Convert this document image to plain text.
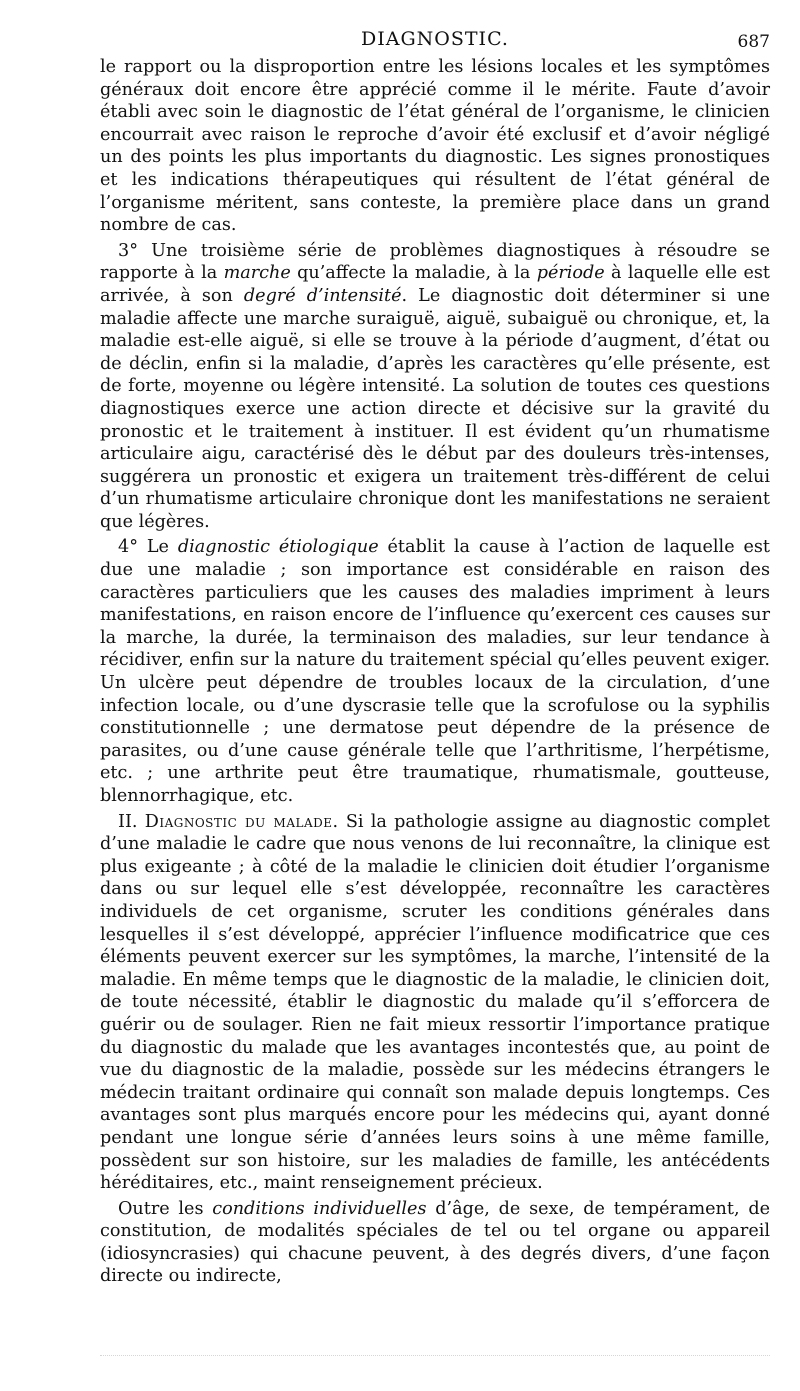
DIAGNOSTIC.	687

le rapport ou la disproportion entre les lésions locales et les symptômes généraux doit encore être apprécié comme il le mérite. Faute d’avoir établi avec soin le diagnostic de l’état général de l’organisme, le clinicien encourrait avec raison le reproche d’avoir été exclusif et d’avoir négligé un des points les plus importants du diagnostic. Les signes pronostiques et les indications thérapeutiques qui résultent de l’état général de l’organisme méritent, sans conteste, la première place dans un grand nombre de cas.

3° Une troisième série de problèmes diagnostiques à résoudre se rapporte à la marche qu’affecte la maladie, à la période à laquelle elle est arrivée, à son degré d’intensité. Le diagnostic doit déterminer si une maladie affecte une marche suraiguë, aiguë, subaiguë ou chronique, et, la maladie est-elle aiguë, si elle se trouve à la période d’augment, d’état ou de déclin, enfin si la maladie, d’après les caractères qu’elle présente, est de forte, moyenne ou légère intensité. La solution de toutes ces questions diagnostiques exerce une action directe et décisive sur la gravité du pronostic et le traitement à instituer. Il est évident qu’un rhumatisme articulaire aigu, caractérisé dès le début par des douleurs très-intenses, suggérera un pronostic et exigera un traitement très-différent de celui d’un rhumatisme articulaire chronique dont les manifestations ne seraient que légères.

4° Le diagnostic étiologique établit la cause à l’action de laquelle est due une maladie ; son importance est considérable en raison des caractères particuliers que les causes des maladies impriment à leurs manifestations, en raison encore de l’influence qu’exercent ces causes sur la marche, la durée, la terminaison des maladies, sur leur tendance à récidiver, enfin sur la nature du traitement spécial qu’elles peuvent exiger. Un ulcère peut dépendre de troubles locaux de la circulation, d’une infection locale, ou d’une dyscrasie telle que la scrofulose ou la syphilis constitutionnelle ; une dermatose peut dépendre de la présence de parasites, ou d’une cause générale telle que l’arthritisme, l’herpétisme, etc. ; une arthrite peut être traumatique, rhumatismale, goutteuse, blennorrhagique, etc.

II. Diagnostic du malade. Si la pathologie assigne au diagnostic complet d’une maladie le cadre que nous venons de lui reconnaître, la clinique est plus exigeante ; à côté de la maladie le clinicien doit étudier l’organisme dans ou sur lequel elle s’est développée, reconnaître les caractères individuels de cet organisme, scruter les conditions générales dans lesquelles il s’est développé, apprécier l’influence modificatrice que ces éléments peuvent exercer sur les symptômes, la marche, l’intensité de la maladie. En même temps que le diagnostic de la maladie, le clinicien doit, de toute nécessité, établir le diagnostic du malade qu’il s’efforcera de guérir ou de soulager. Rien ne fait mieux ressortir l’importance pratique du diagnostic du malade que les avantages incontestés que, au point de vue du diagnostic de la maladie, possède sur les médecins étrangers le médecin traitant ordinaire qui connaît son malade depuis longtemps. Ces avantages sont plus marqués encore pour les médecins qui, ayant donné pendant une longue série d’années leurs soins à une même famille, possèdent sur son histoire, sur les maladies de famille, les antécédents héréditaires, etc., maint renseignement précieux.

Outre les conditions individuelles d’âge, de sexe, de tempérament, de constitution, de modalités spéciales de tel ou tel organe ou appareil (idiosyncrasies) qui chacune peuvent, à des degrés divers, d’une façon directe ou indirecte,
